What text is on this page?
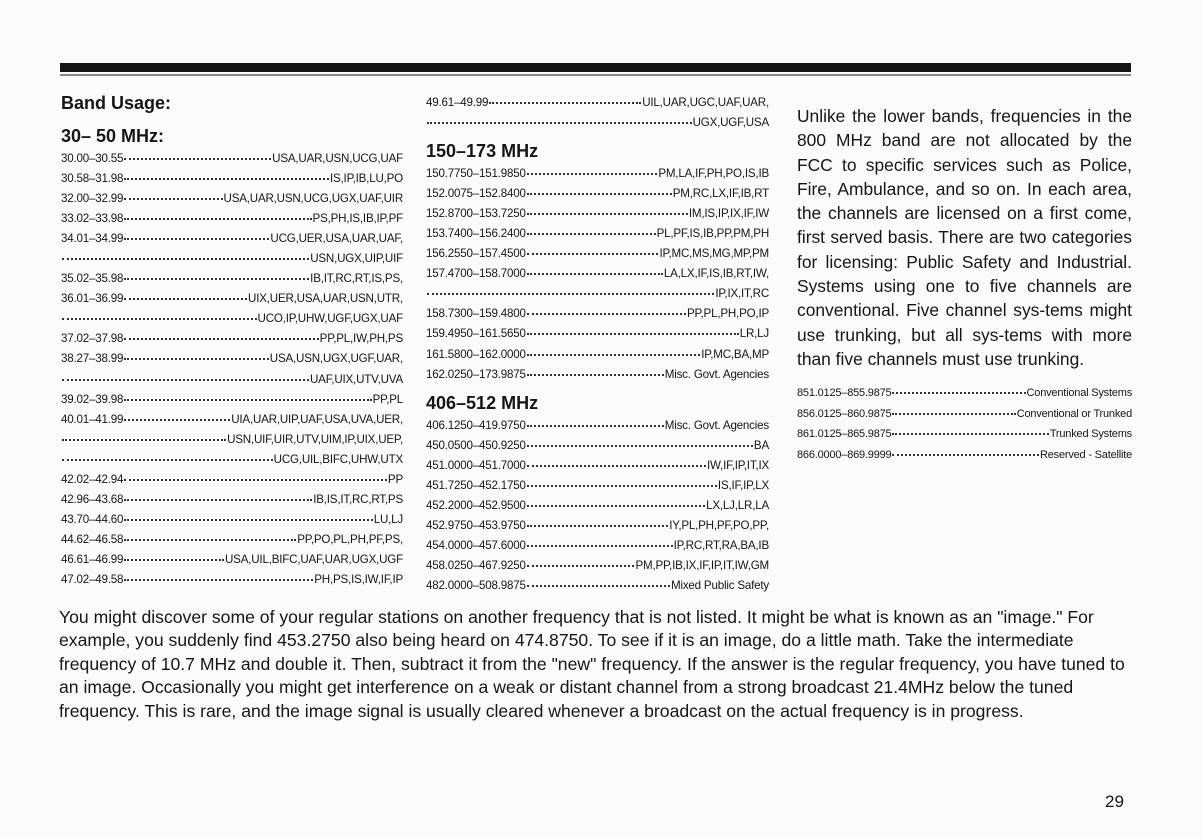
Band Usage:
30– 50 MHz:
30.00–30.55	USA,UAR,USN,UCG,UAF
30.58–31.98	IS,IP,IB,LU,PO
32.00–32.99	USA,UAR,USN,UCG,UGX,UAF,UIR
33.02–33.98	PS,PH,IS,IB,IP,PF
34.01–34.99	UCG,UER,USA,UAR,UAF,
USN,UGX,UIP,UIF
35.02–35.98	IB,IT,RC,RT,IS,PS,
36.01–36.99	UIX,UER,USA,UAR,USN,UTR,
UCO,IP,UHW,UGF,UGX,UAF
37.02–37.98	PP,PL,IW,PH,PS
38.27–38.99	USA,USN,UGX,UGF,UAR,
UAF,UIX,UTV,UVA
39.02–39.98	PP,PL
40.01–41.99	UIA,UAR,UIP,UAF,USA,UVA,UER,
USN,UIF,UIR,UTV,UIM,IP,UIX,UEP,
UCG,UIL,BIFC,UHW,UTX
42.02–42.94	PP
42.96–43.68	IB,IS,IT,RC,RT,PS
43.70–44.60	LU,LJ
44.62–46.58	PP,PO,PL,PH,PF,PS,
46.61–46.99	USA,UIL,BIFC,UAF,UAR,UGX,UGF
47.02–49.58	PH,PS,IS,IW,IF,IP
49.61–49.99	UIL,UAR,UGC,UAF,UAR,
UGX,UGF,USA
150–173 MHz
150.7750–151.9850	PM,LA,IF,PH,PO,IS,IB
152.0075–152.8400	PM,RC,LX,IF,IB,RT
152.8700–153.7250	IM,IS,IP,IX,IF,IW
153.7400–156.2400	PL,PF,IS,IB,PP,PM,PH
156.2550–157.4500	IP,MC,MS,MG,MP,PM
157.4700–158.7000	LA,LX,IF,IS,IB,RT,IW,
IP,IX,IT,RC
158.7300–159.4800	PP,PL,PH,PO,IP
159.4950–161.5650	LR,LJ
161.5800–162.0000	IP,MC,BA,MP
162.0250–173.9875	Misc. Govt. Agencies
406–512 MHz
406.1250–419.9750	Misc. Govt. Agencies
450.0500–450.9250	BA
451.0000–451.7000	IW,IF,IP,IT,IX
451.7250–452.1750	IS,IF,IP,LX
452.2000–452.9500	LX,LJ,LR,LA
452.9750–453.9750	IY,PL,PH,PF,PO,PP,
454.0000–457.6000	IP,RC,RT,RA,BA,IB
458.0250–467.9250	PM,PP,IB,IX,IF,IP,IT,IW,GM
482.0000–508.9875	Mixed Public Safety

Unlike the lower bands, frequencies in the 800 MHz band are not allocated by the FCC to specific services such as Police, Fire, Ambulance, and so on. In each area, the channels are licensed on a first come, first served basis. There are two categories for licensing: Public Safety and Industrial. Systems using one to five channels are conventional. Five channel sys-tems might use trunking, but all sys-tems with more than five channels must use trunking.

851.0125–855.9875	Conventional Systems
856.0125–860.9875	Conventional or Trunked
861.0125–865.9875	Trunked Systems
866.0000–869.9999	Reserved - Satellite

You might discover some of your regular stations on another frequency that is not listed. It might be what is known as an "image." For example, you suddenly find 453.2750 also being heard on 474.8750. To see if it is an image, do a little math. Take the intermediate frequency of 10.7 MHz and double it. Then, subtract it from the "new" frequency. If the answer is the regular frequency, you have tuned to an image. Occasionally you might get interference on a weak or distant channel from a strong broadcast 21.4MHz below the tuned frequency. This is rare, and the image signal is usually cleared whenever a broadcast on the actual frequency is in progress.

29
